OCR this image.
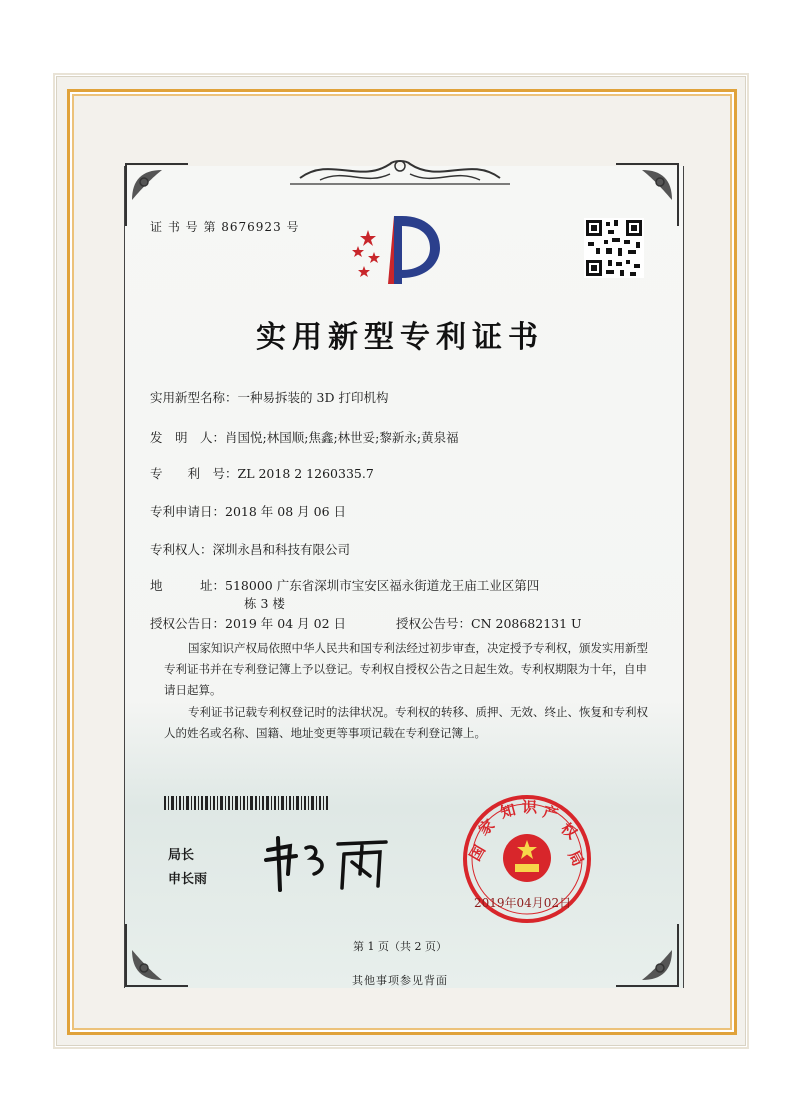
证 书 号 第 8676923 号
实用新型专利证书
实用新型名称：一种易拆装的 3D 打印机构
发　明　人：肖国悦;林国顺;焦鑫;林世妥;黎新永;黄泉福
专　　利　号：ZL 2018 2 1260335.7
专利申请日：2018 年 08 月 06 日
专利权人：深圳永昌和科技有限公司
地　　　址：518000 广东省深圳市宝安区福永街道龙王庙工业区第四
栋 3 楼
授权公告日：2019 年 04 月 02 日	授权公告号：CN 208682131 U
国家知识产权局依照中华人民共和国专利法经过初步审查，决定授予专利权，颁发实用新型专利证书并在专利登记簿上予以登记。专利权自授权公告之日起生效。专利权期限为十年，自申请日起算。
专利证书记载专利权登记时的法律状况。专利权的转移、质押、无效、终止、恢复和专利权人的姓名或名称、国籍、地址变更等事项记载在专利登记簿上。
局长
申长雨
国
家
知 识 产
权
局
2019年04月02日
第 1 页（共 2 页）
其他事项参见背面
